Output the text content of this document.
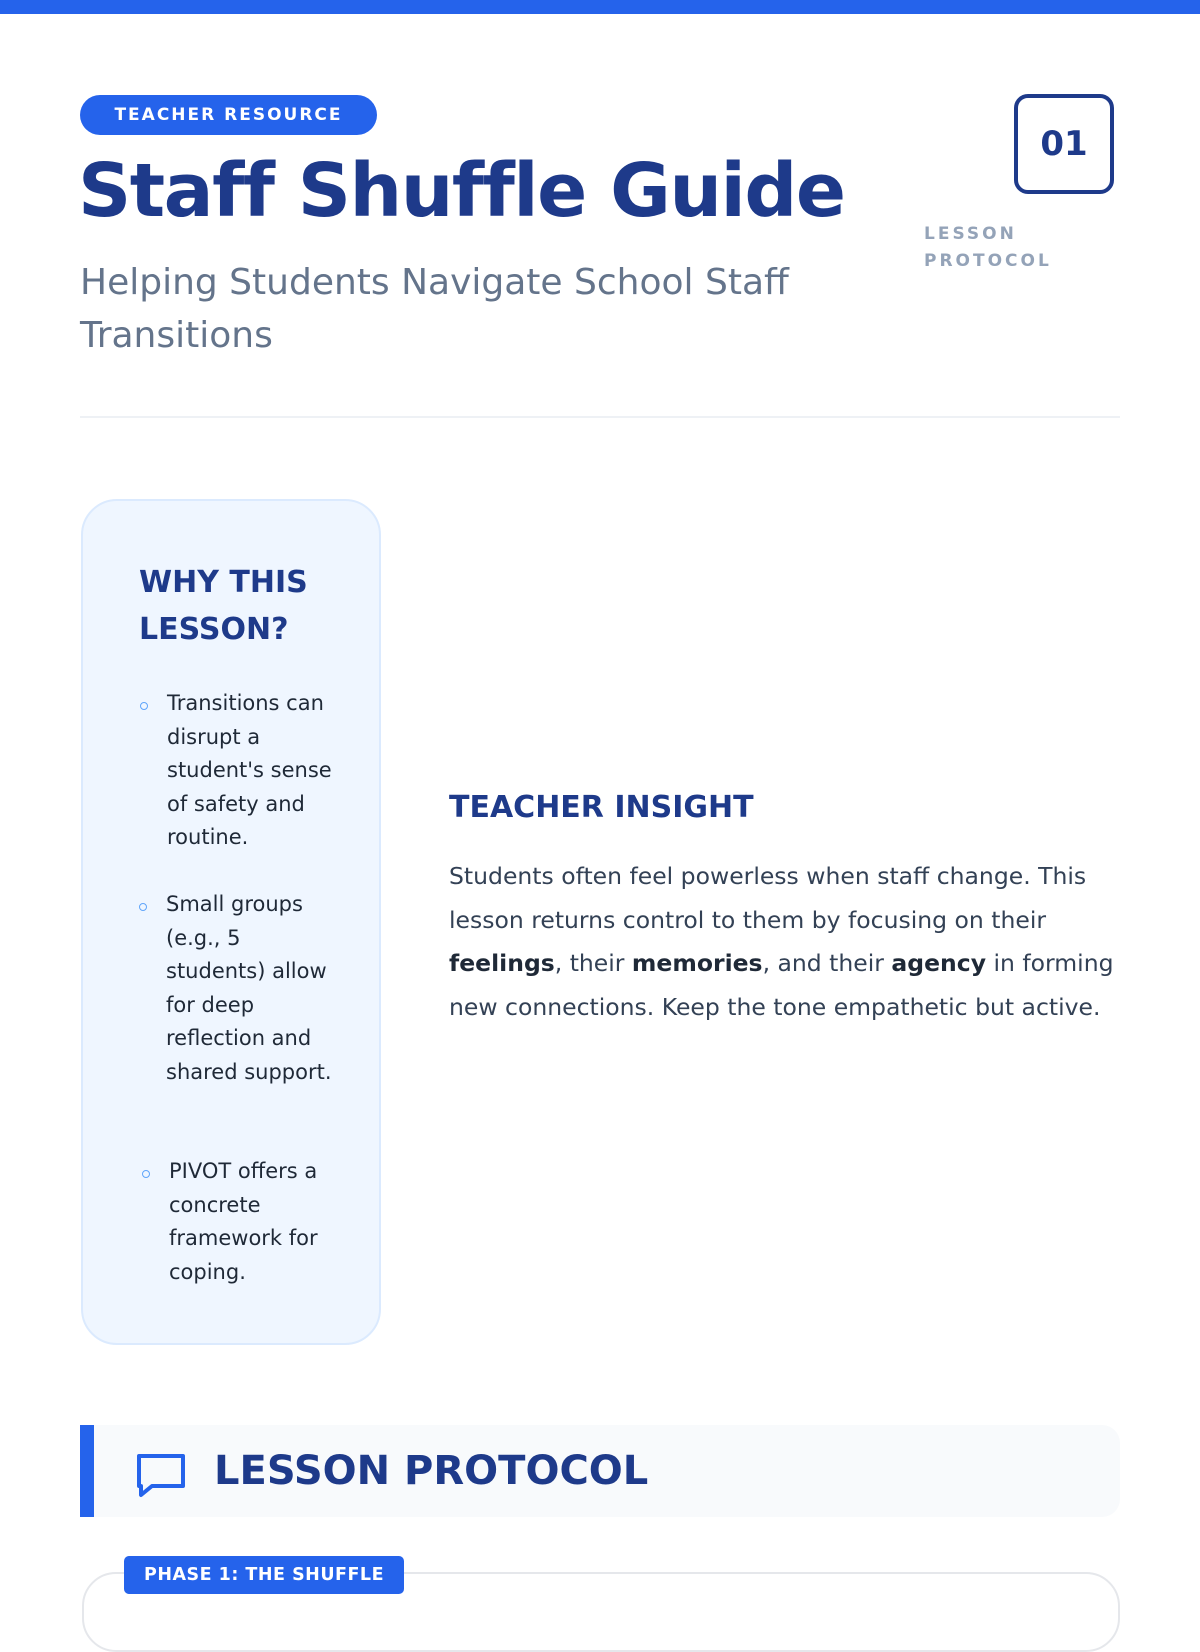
TEACHER RESOURCE
Staff Shuffle Guide
Helping Students Navigate School Staff Transitions
01
LESSON PROTOCOL
WHY THIS LESSON?
Transitions can disrupt a student's sense of safety and routine.
Small groups (e.g., 5 students) allow for deep reflection and shared support.
PIVOT offers a concrete framework for coping.
TEACHER INSIGHT

Students often feel powerless when staff change. This lesson returns control to them by focusing on their feelings, their memories, and their agency in forming new connections. Keep the tone empathetic but active.

LESSON PROTOCOL
PHASE 1: THE SHUFFLE
